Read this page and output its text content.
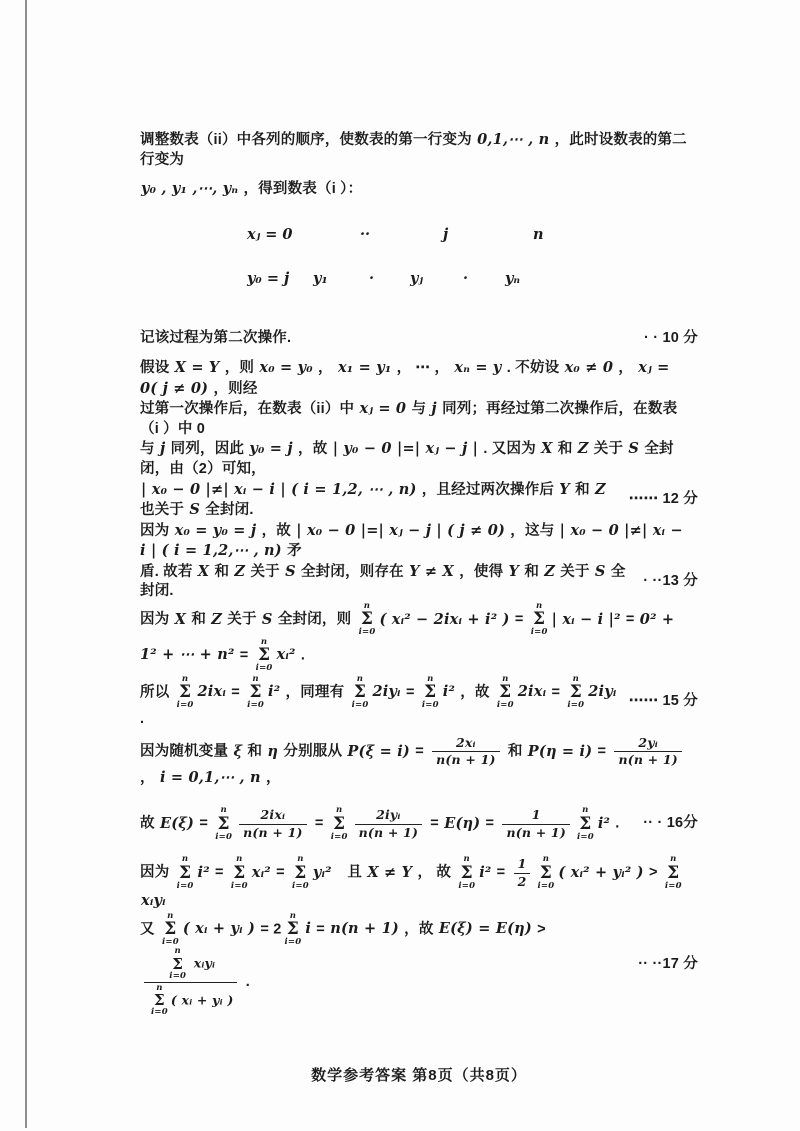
调整数表（ii）中各列的顺序，使数表的第一行变为 0,1,⋯ , n ，此时设数表的第二行变为
y₀ , y₁ ,⋯, yₙ ，得到数表（i ）：
xⱼ = 0	··	j	n
y₀ = j y₁	· yⱼ	·	yₙ
记该过程为第二次操作.	· · 10 分
假设 X = Y ，则 x₀ = y₀ ， x₁ = y₁ ， ⋯ ， xₙ = y . 不妨设 x₀ ≠ 0 ， xⱼ = 0( j ≠ 0) ，则经
过第一次操作后，在数表（ii）中 xⱼ = 0 与 j 同列；再经过第二次操作后，在数表（i ）中 0
与 j 同列，因此 y₀ = j ，故 | y₀ − 0 |=| xⱼ − j | . 又因为 X 和 Z 关于 S 全封闭，由（2）可知，
| x₀ − 0 |≠| xᵢ − i | ( i = 1,2, ⋯ , n) ，且经过两次操作后 Y 和 Z 也关于 S 全封闭.
⋯⋯ 12 分
因为 x₀ = y₀ = j ，故 | x₀ − 0 |=| xⱼ − j | ( j ≠ 0) ，这与 | x₀ − 0 |≠| xᵢ − i | ( i = 1,2,⋯ , n) 矛
盾. 故若 X 和 Z 关于 S 全封闭，则存在 Y ≠ X ，使得 Y 和 Z 关于 S 全封闭.
· ··13 分
因为 X 和 Z 关于 S 全封闭，则
n
Σ
i=0
( xᵢ² − 2ixᵢ + i² ) =
n
Σ
i=0
| xᵢ − i |² = 0² + 1² + ⋯ + n² =
n
Σ
i=0
xᵢ² .
所以
n
Σ
i=0
2ixᵢ =
n
Σ
i=0
i² ，同理有
n
Σ
i=0
2iyᵢ =
n
Σ
i=0
i² ，故
n
Σ
i=0
2ixᵢ =
n
Σ
i=0
2iyᵢ .
⋯⋯ 15 分
因为随机变量 ξ 和 η 分别服从 $P(\xi = i) = \frac{\text{2xᵢ}}{n(n + 1)}$ 和 $P(\eta = i) = \frac{\text{2yᵢ}}{n(n + 1)}$
， i = 0,1,⋯ , n ，
故 E(ξ) =
n
Σ
$i=0 \frac{\text{2ixᵢ}}{n(n + 1)}$ =
n
Σ
$i=0 \frac{\text{2iyᵢ}}{n(n + 1)} = E(\eta) = \frac{1}{n(n + 1)}$ n
Σ
i=0
i² .	·· · 16分
因为
n
Σ
i=0
i² =
n
Σ
i=0
xᵢ² =
n
Σ
i=0
yᵢ²　且 X ≠ Y ， 故
n
Σ
i=0
$i^2 = \frac{1}{2}$ n
Σ
i=0
( xᵢ² + yᵢ² ) >
n
Σ
i=0
xᵢyᵢ
又
n
Σ
i=0
( xᵢ + yᵢ ) = 2
n
Σ
i=0
i = n(n + 1) ，故 E(ξ) = E(η) >
n
Σ
i=0
xᵢyᵢ
n
Σ
i=0
( xᵢ + yᵢ ) .
·· ··17 分
数学参考答案 第8页（共8页）
